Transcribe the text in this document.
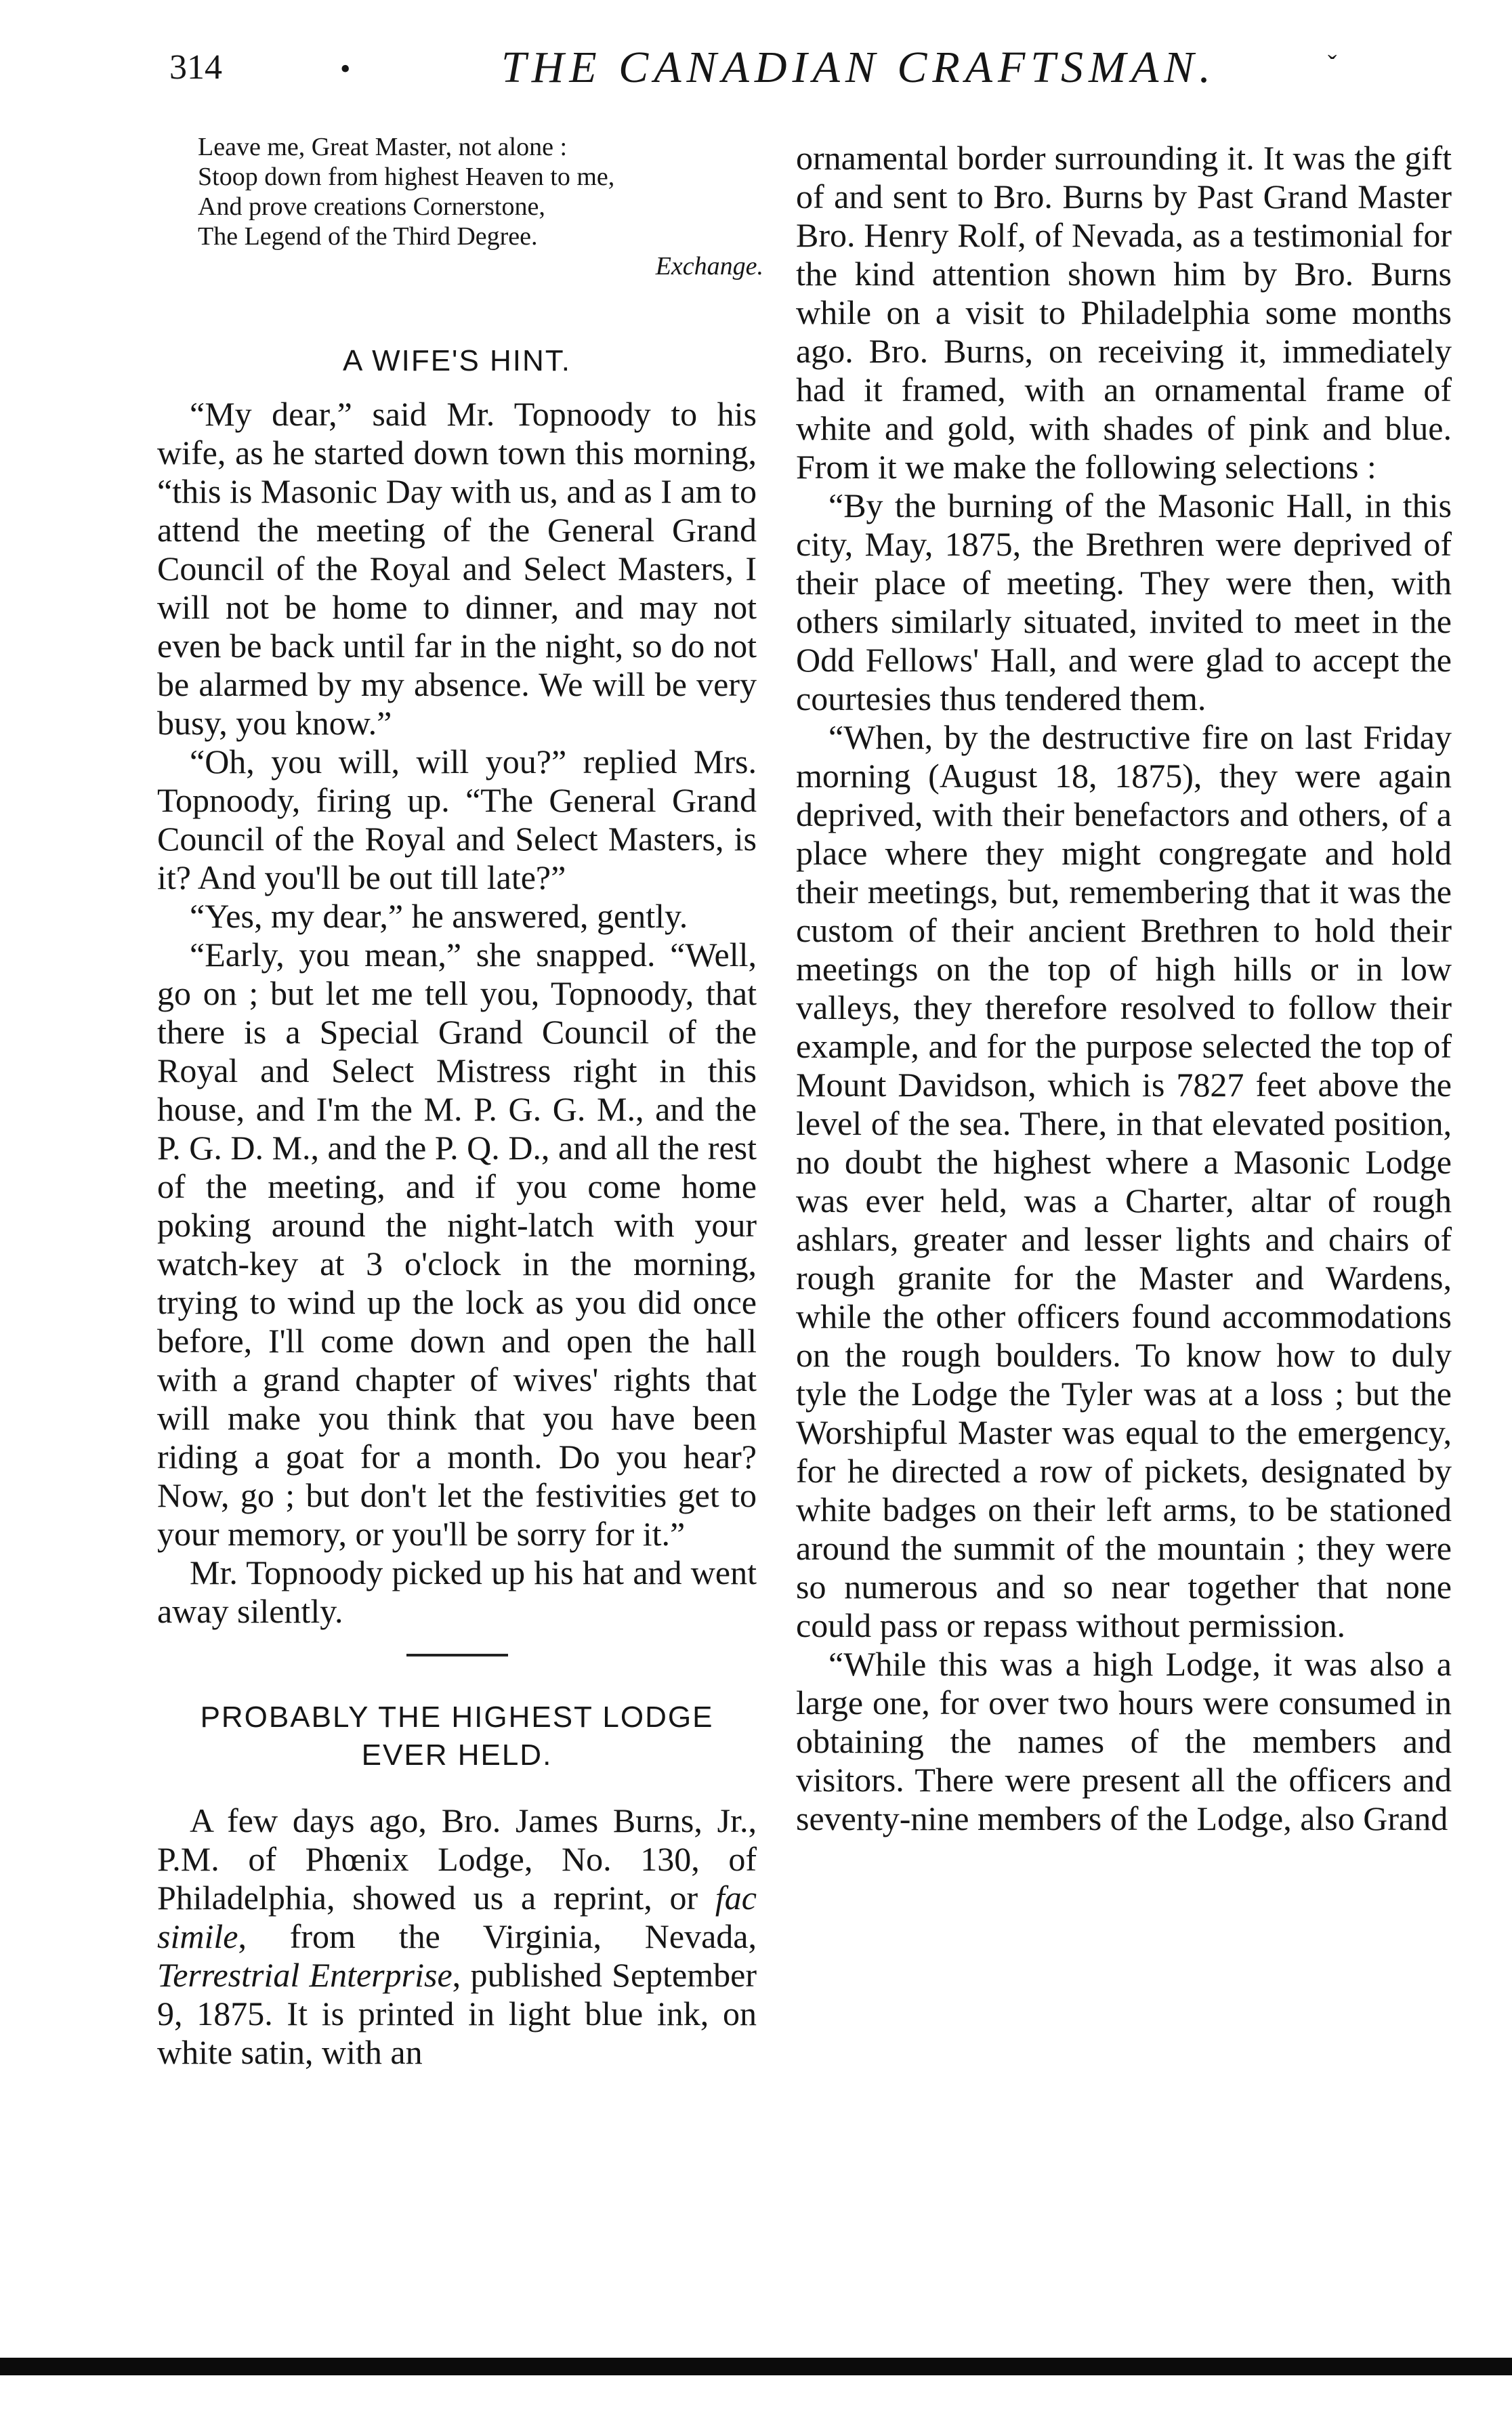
314	•	THE CANADIAN CRAFTSMAN.	ˇ
Leave me, Great Master, not alone :
Stoop down from highest Heaven to me,
And prove creations Cornerstone,
The Legend of the Third Degree.
Exchange.
A WIFE'S HINT.

“My dear,” said Mr. Topnoody to his wife, as he started down town this morning, “this is Masonic Day with us, and as I am to attend the meeting of the General Grand Council of the Royal and Select Masters, I will not be home to dinner, and may not even be back until far in the night, so do not be alarmed by my absence. We will be very busy, you know.”

“Oh, you will, will you?” replied Mrs. Topnoody, firing up. “The General Grand Council of the Royal and Select Masters, is it? And you'll be out till late?”

“Yes, my dear,” he answered, gently.

“Early, you mean,” she snapped. “Well, go on ; but let me tell you, Topnoody, that there is a Special Grand Council of the Royal and Select Mistress right in this house, and I'm the M. P. G. G. M., and the P. G. D. M., and the P. Q. D., and all the rest of the meeting, and if you come home poking around the night-latch with your watch-key at 3 o'clock in the morning, trying to wind up the lock as you did once before, I'll come down and open the hall with a grand chapter of wives' rights that will make you think that you have been riding a goat for a month. Do you hear? Now, go ; but don't let the festivities get to your memory, or you'll be sorry for it.”

Mr. Topnoody picked up his hat and went away silently.

PROBABLY THE HIGHEST LODGE
EVER HELD.

A few days ago, Bro. James Burns, Jr., P.M. of Phœnix Lodge, No. 130, of Philadelphia, showed us a reprint, or fac simile, from the Virginia, Nevada, Terrestrial Enterprise, published September 9, 1875. It is printed in light blue ink, on white satin, with an

ornamental border surrounding it. It was the gift of and sent to Bro. Burns by Past Grand Master Bro. Henry Rolf, of Nevada, as a testimonial for the kind attention shown him by Bro. Burns while on a visit to Philadelphia some months ago. Bro. Burns, on receiving it, immediately had it framed, with an ornamental frame of white and gold, with shades of pink and blue. From it we make the following selections :

“By the burning of the Masonic Hall, in this city, May, 1875, the Brethren were deprived of their place of meeting. They were then, with others similarly situated, invited to meet in the Odd Fellows' Hall, and were glad to accept the courtesies thus tendered them.

“When, by the destructive fire on last Friday morning (August 18, 1875), they were again deprived, with their benefactors and others, of a place where they might congregate and hold their meetings, but, remembering that it was the custom of their ancient Brethren to hold their meetings on the top of high hills or in low valleys, they therefore resolved to follow their example, and for the purpose selected the top of Mount Davidson, which is 7827 feet above the level of the sea. There, in that elevated position, no doubt the highest where a Masonic Lodge was ever held, was a Charter, altar of rough ashlars, greater and lesser lights and chairs of rough granite for the Master and Wardens, while the other officers found accommodations on the rough boulders. To know how to duly tyle the Lodge the Tyler was at a loss ; but the Worshipful Master was equal to the emergency, for he directed a row of pickets, designated by white badges on their left arms, to be stationed around the summit of the mountain ; they were so numerous and so near together that none could pass or repass without permission.

“While this was a high Lodge, it was also a large one, for over two hours were consumed in obtaining the names of the members and visitors. There were present all the officers and seventy-nine members of the Lodge, also Grand
